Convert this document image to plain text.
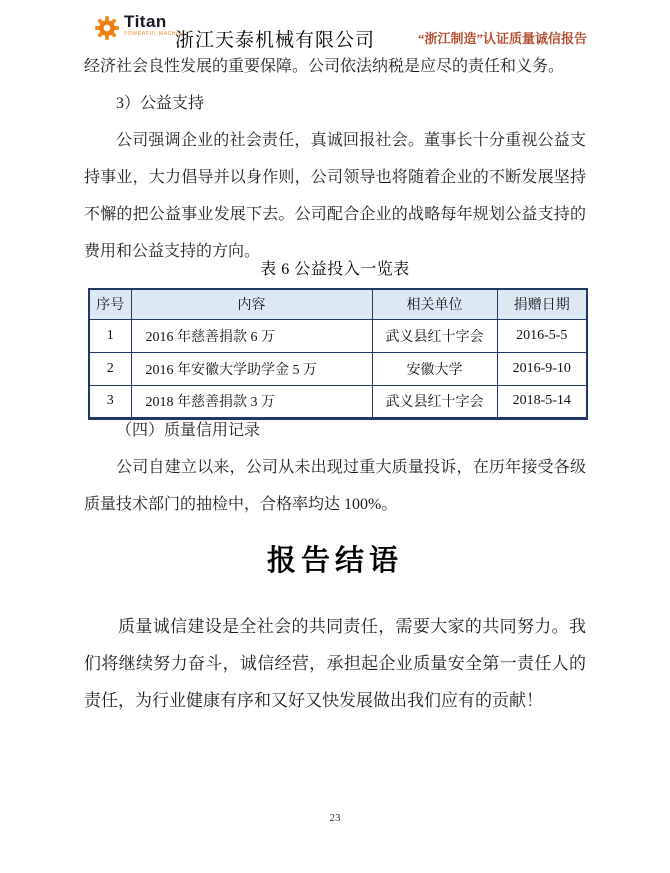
Titan
POWERFUL MACHINE
浙江天泰机械有限公司	“浙江制造”认证质量诚信报告

经济社会良性发展的重要保障。公司依法纳税是应尽的责任和义务。

3）公益支持

公司强调企业的社会责任，真诚回报社会。董事长十分重视公益支持事业，大力倡导并以身作则，公司领导也将随着企业的不断发展坚持不懈的把公益事业发展下去。公司配合企业的战略每年规划公益支持的费用和公益支持的方向。

表 6 公益投入一览表
序号	内容	相关单位	捐赠日期
1	2016 年慈善捐款 6 万	武义县红十字会	2016-5-5
2	2016 年安徽大学助学金 5 万	安徽大学	2016-9-10
3	2018 年慈善捐款 3 万	武义县红十字会	2018-5-14

（四）质量信用记录

公司自建立以来，公司从未出现过重大质量投诉，在历年接受各级质量技术部门的抽检中，合格率均达 100%。

报告结语

质量诚信建设是全社会的共同责任，需要大家的共同努力。我们将继续努力奋斗，诚信经营，承担起企业质量安全第一责任人的责任，为行业健康有序和又好又快发展做出我们应有的贡献！

23
